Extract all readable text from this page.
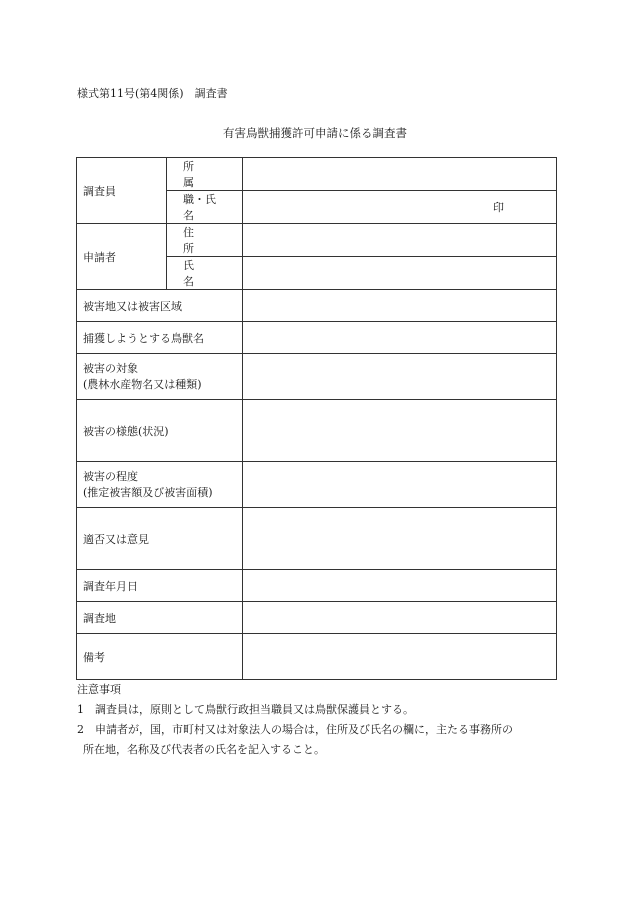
様式第11号(第4関係)　調査書
有害鳥獣捕獲許可申請に係る調査書
調査員	所　　属	

職・氏名	印

申請者	住　　所	

氏　　名	

被害地又は被害区域		
捕獲しようとする鳥獣名		

被害の対象
(農林水産物名又は種類)		

被害の様態(状況)		

被害の程度
(推定被害額及び被害面積)		

適否又は意見		
調査年月日		
調査地		
備考		
注意事項
1	調査員は，原則として鳥獣行政担当職員又は鳥獣保護員とする。
2	申請者が，国，市町村又は対象法人の場合は，住所及び氏名の欄に，主たる事務所の
所在地，名称及び代表者の氏名を記入すること。
